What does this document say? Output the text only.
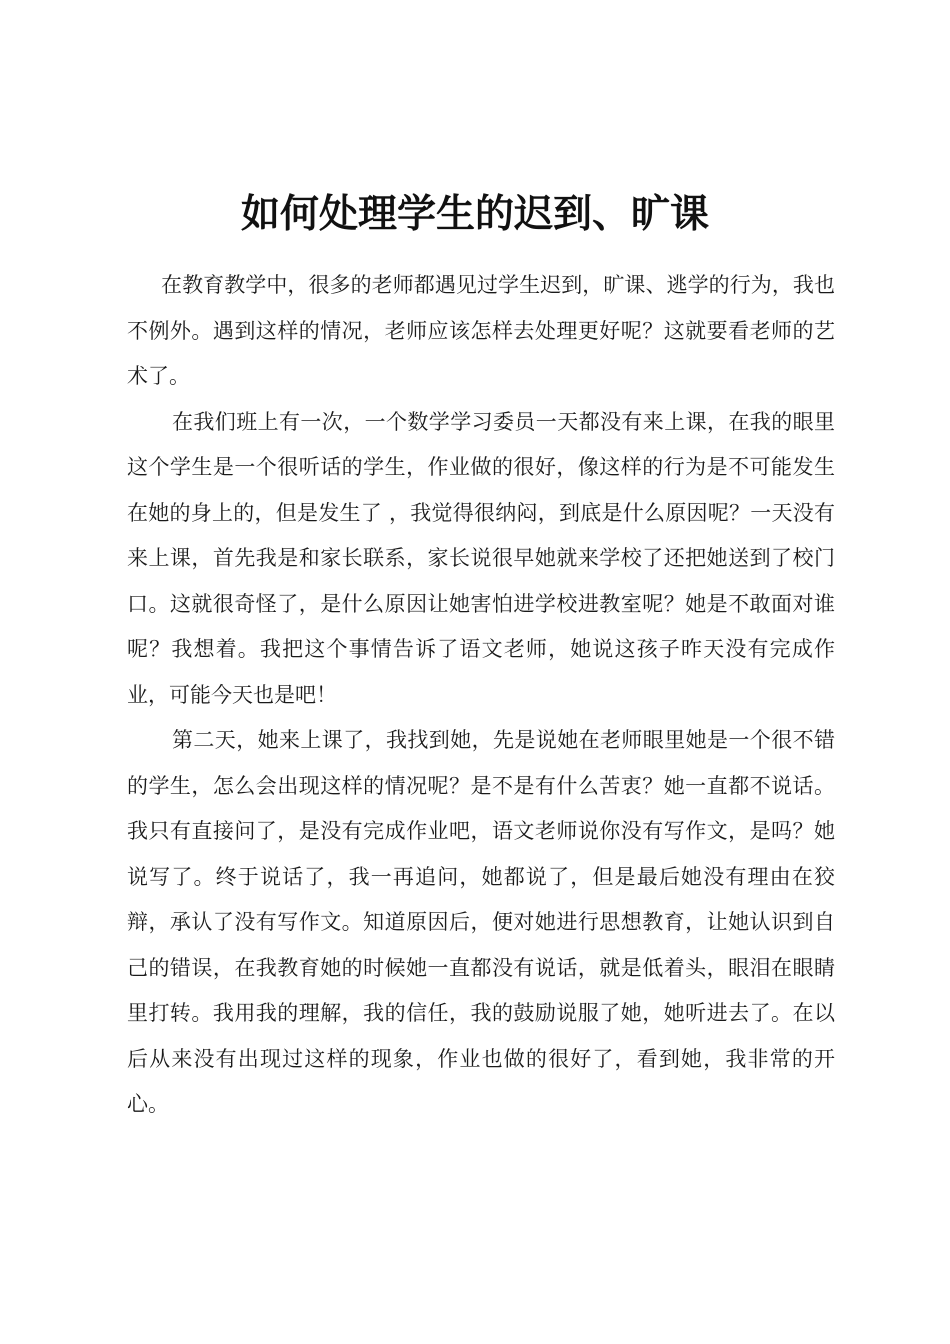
如何处理学生的迟到、旷课

在教育教学中，很多的老师都遇见过学生迟到，旷课、逃学的行为，我也不例外。遇到这样的情况，老师应该怎样去处理更好呢？这就要看老师的艺术了。

在我们班上有一次，一个数学学习委员一天都没有来上课，在我的眼里这个学生是一个很听话的学生，作业做的很好，像这样的行为是不可能发生在她的身上的，但是发生了 ，我觉得很纳闷，到底是什么原因呢？一天没有来上课，首先我是和家长联系，家长说很早她就来学校了还把她送到了校门口。这就很奇怪了，是什么原因让她害怕进学校进教室呢？她是不敢面对谁呢？我想着。我把这个事情告诉了语文老师，她说这孩子昨天没有完成作业，可能今天也是吧！

第二天，她来上课了，我找到她，先是说她在老师眼里她是一个很不错的学生，怎么会出现这样的情况呢？是不是有什么苦衷？她一直都不说话。我只有直接问了，是没有完成作业吧，语文老师说你没有写作文，是吗？她说写了。终于说话了，我一再追问，她都说了，但是最后她没有理由在狡辩，承认了没有写作文。知道原因后，便对她进行思想教育，让她认识到自己的错误，在我教育她的时候她一直都没有说话，就是低着头，眼泪在眼睛里打转。我用我的理解，我的信任，我的鼓励说服了她，她听进去了。在以后从来没有出现过这样的现象，作业也做的很好了，看到她，我非常的开心。
